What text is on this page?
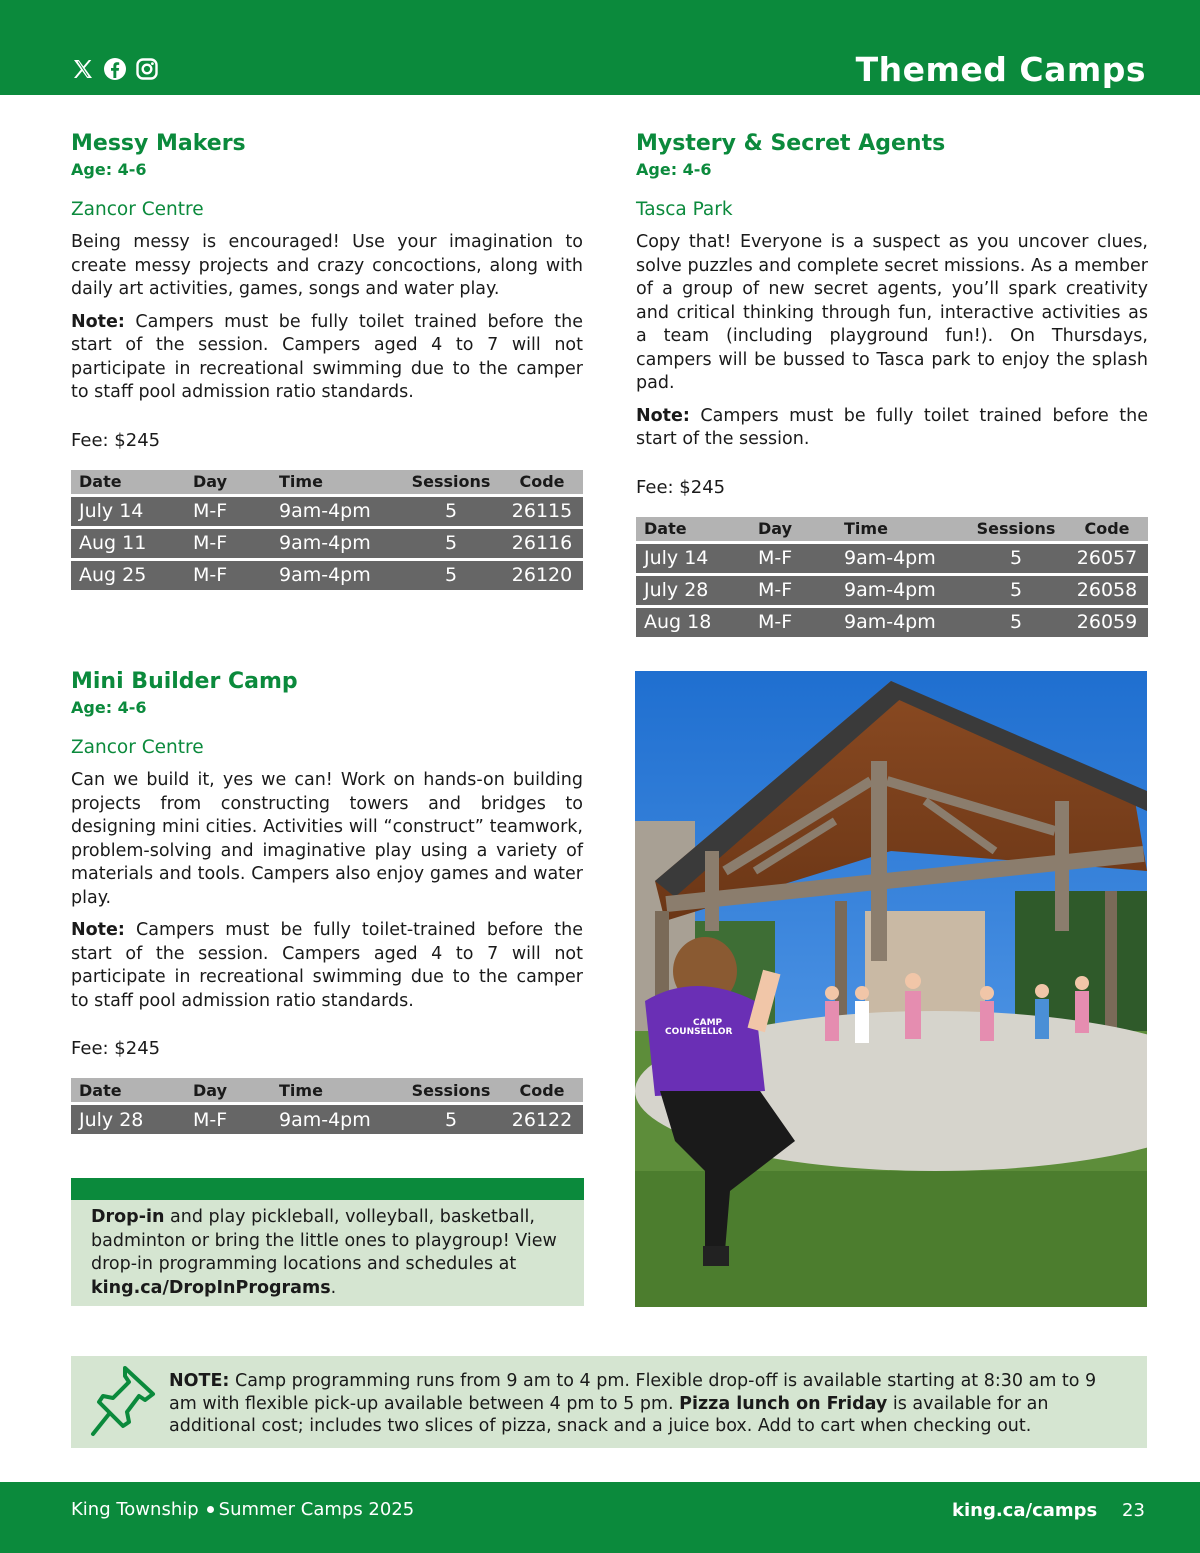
Themed Camps
Messy Makers
Age: 4-6
Zancor Centre
Being messy is encouraged! Use your imagination to create messy projects and crazy concoctions, along with daily art activities, games, songs and water play.
Note: Campers must be fully toilet trained before the start of the session. Campers aged 4 to 7 will not participate in recreational swimming due to the camper to staff pool admission ratio standards.
Fee: $245
Date	Day	Time	Sessions	Code
July 14	M-F	9am-4pm	5	26115
Aug 11	M-F	9am-4pm	5	26116
Aug 25	M-F	9am-4pm	5	26120
Mini Builder Camp
Age: 4-6
Zancor Centre
Can we build it, yes we can! Work on hands-on building projects from constructing towers and bridges to designing mini cities. Activities will “construct” teamwork, problem-solving and imaginative play using a variety of materials and tools. Campers also enjoy games and water play.
Note: Campers must be fully toilet-trained before the start of the session. Campers aged 4 to 7 will not participate in recreational swimming due to the camper to staff pool admission ratio standards.
Fee: $245
Date	Day	Time	Sessions	Code
July 28	M-F	9am-4pm	5	26122
Mystery & Secret Agents
Age: 4-6
Tasca Park
Copy that! Everyone is a suspect as you uncover clues, solve puzzles and complete secret missions. As a member of a group of new secret agents, you’ll spark creativity and critical thinking through fun, interactive activities as a team (including playground fun!). On Thursdays, campers will be bussed to Tasca park to enjoy the splash pad.
Note: Campers must be fully toilet trained before the start of the session.
Fee: $245
Date	Day	Time	Sessions	Code
July 14	M-F	9am-4pm	5	26057
July 28	M-F	9am-4pm	5	26058
Aug 18	M-F	9am-4pm	5	26059
CAMP
COUNSELLOR
Drop-in and play pickleball, volleyball, basketball, badminton or bring the little ones to playgroup! View drop-in programming locations and schedules at king.ca/DropInPrograms.
NOTE: Camp programming runs from 9 am to 4 pm. Flexible drop-off is available starting at 8:30 am to 9 am with flexible pick-up available between 4 pm to 5 pm. Pizza lunch on Friday is available for an additional cost; includes two slices of pizza, snack and a juice box. Add to cart when checking out.
King Township Summer Camps 2025	king.ca/camps 23
